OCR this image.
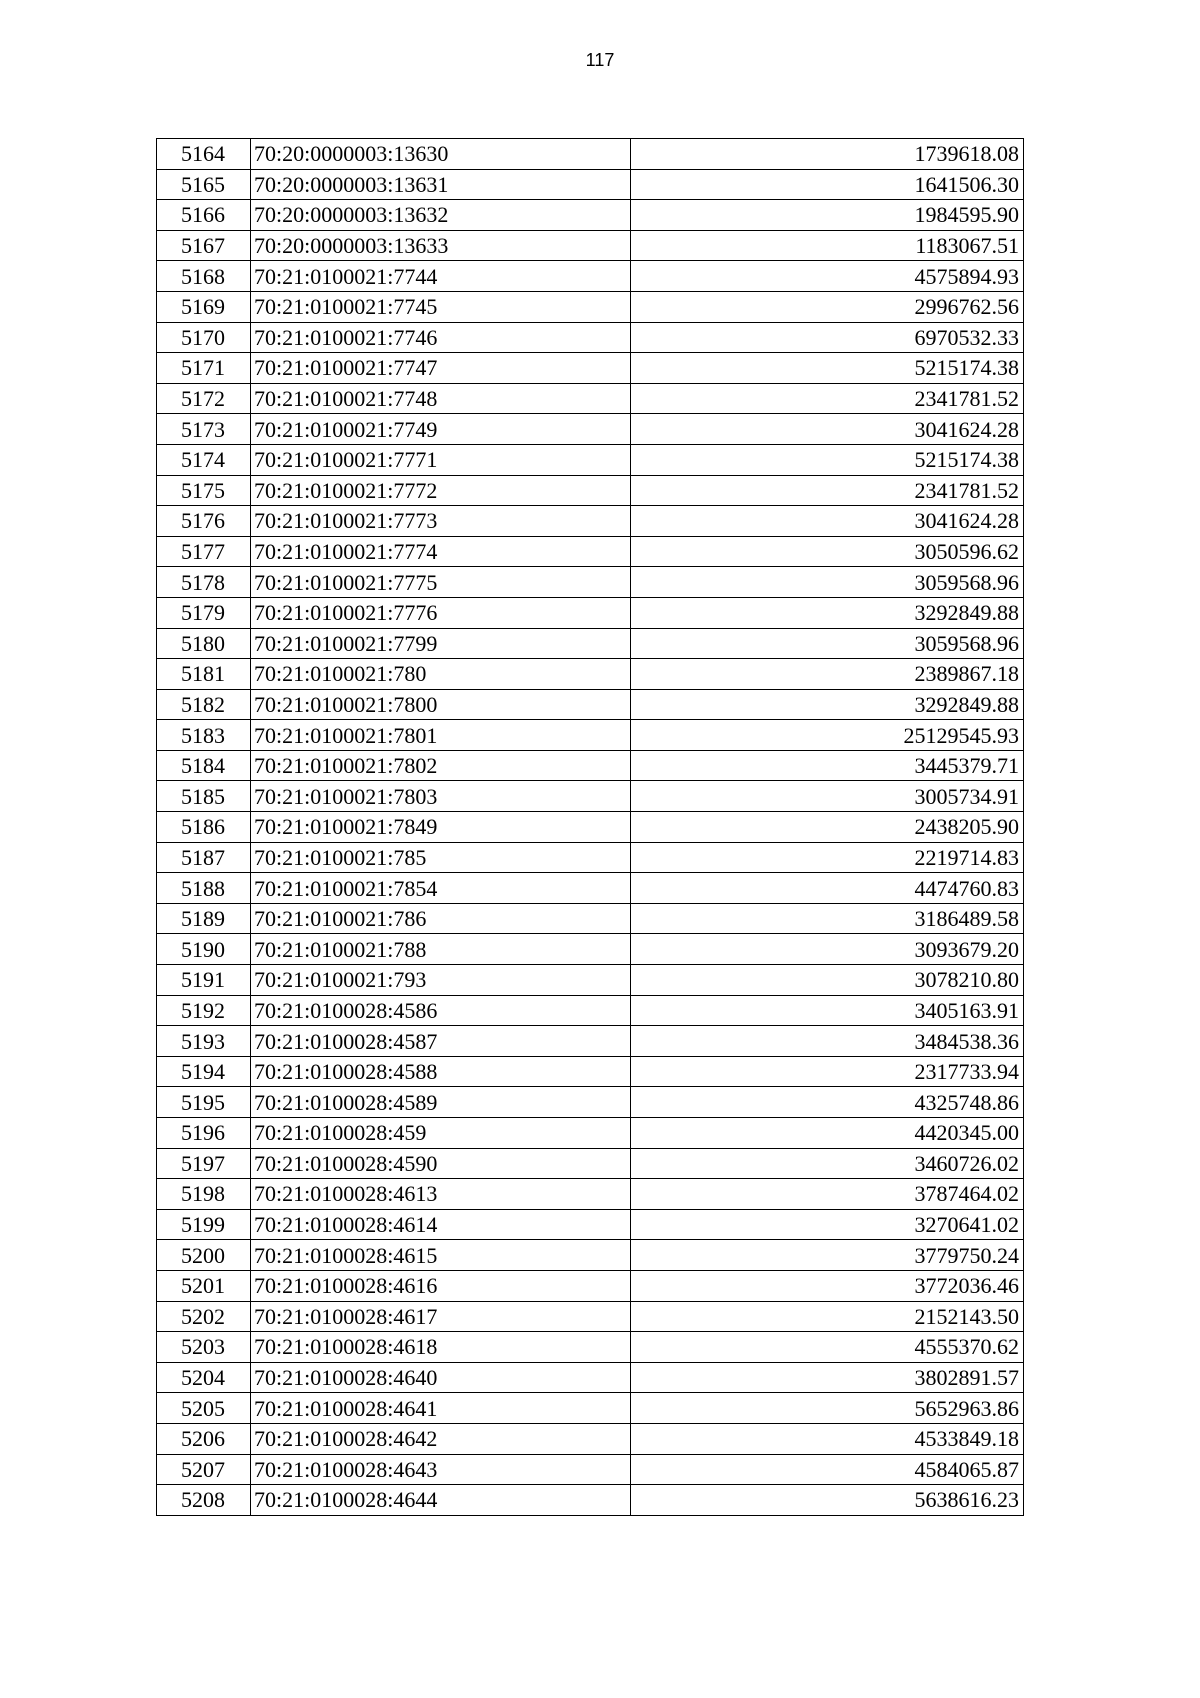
117
5164	70:20:0000003:13630	1739618.08
5165	70:20:0000003:13631	1641506.30
5166	70:20:0000003:13632	1984595.90
5167	70:20:0000003:13633	1183067.51
5168	70:21:0100021:7744	4575894.93
5169	70:21:0100021:7745	2996762.56
5170	70:21:0100021:7746	6970532.33
5171	70:21:0100021:7747	5215174.38
5172	70:21:0100021:7748	2341781.52
5173	70:21:0100021:7749	3041624.28
5174	70:21:0100021:7771	5215174.38
5175	70:21:0100021:7772	2341781.52
5176	70:21:0100021:7773	3041624.28
5177	70:21:0100021:7774	3050596.62
5178	70:21:0100021:7775	3059568.96
5179	70:21:0100021:7776	3292849.88
5180	70:21:0100021:7799	3059568.96
5181	70:21:0100021:780	2389867.18
5182	70:21:0100021:7800	3292849.88
5183	70:21:0100021:7801	25129545.93
5184	70:21:0100021:7802	3445379.71
5185	70:21:0100021:7803	3005734.91
5186	70:21:0100021:7849	2438205.90
5187	70:21:0100021:785	2219714.83
5188	70:21:0100021:7854	4474760.83
5189	70:21:0100021:786	3186489.58
5190	70:21:0100021:788	3093679.20
5191	70:21:0100021:793	3078210.80
5192	70:21:0100028:4586	3405163.91
5193	70:21:0100028:4587	3484538.36
5194	70:21:0100028:4588	2317733.94
5195	70:21:0100028:4589	4325748.86
5196	70:21:0100028:459	4420345.00
5197	70:21:0100028:4590	3460726.02
5198	70:21:0100028:4613	3787464.02
5199	70:21:0100028:4614	3270641.02
5200	70:21:0100028:4615	3779750.24
5201	70:21:0100028:4616	3772036.46
5202	70:21:0100028:4617	2152143.50
5203	70:21:0100028:4618	4555370.62
5204	70:21:0100028:4640	3802891.57
5205	70:21:0100028:4641	5652963.86
5206	70:21:0100028:4642	4533849.18
5207	70:21:0100028:4643	4584065.87
5208	70:21:0100028:4644	5638616.23
